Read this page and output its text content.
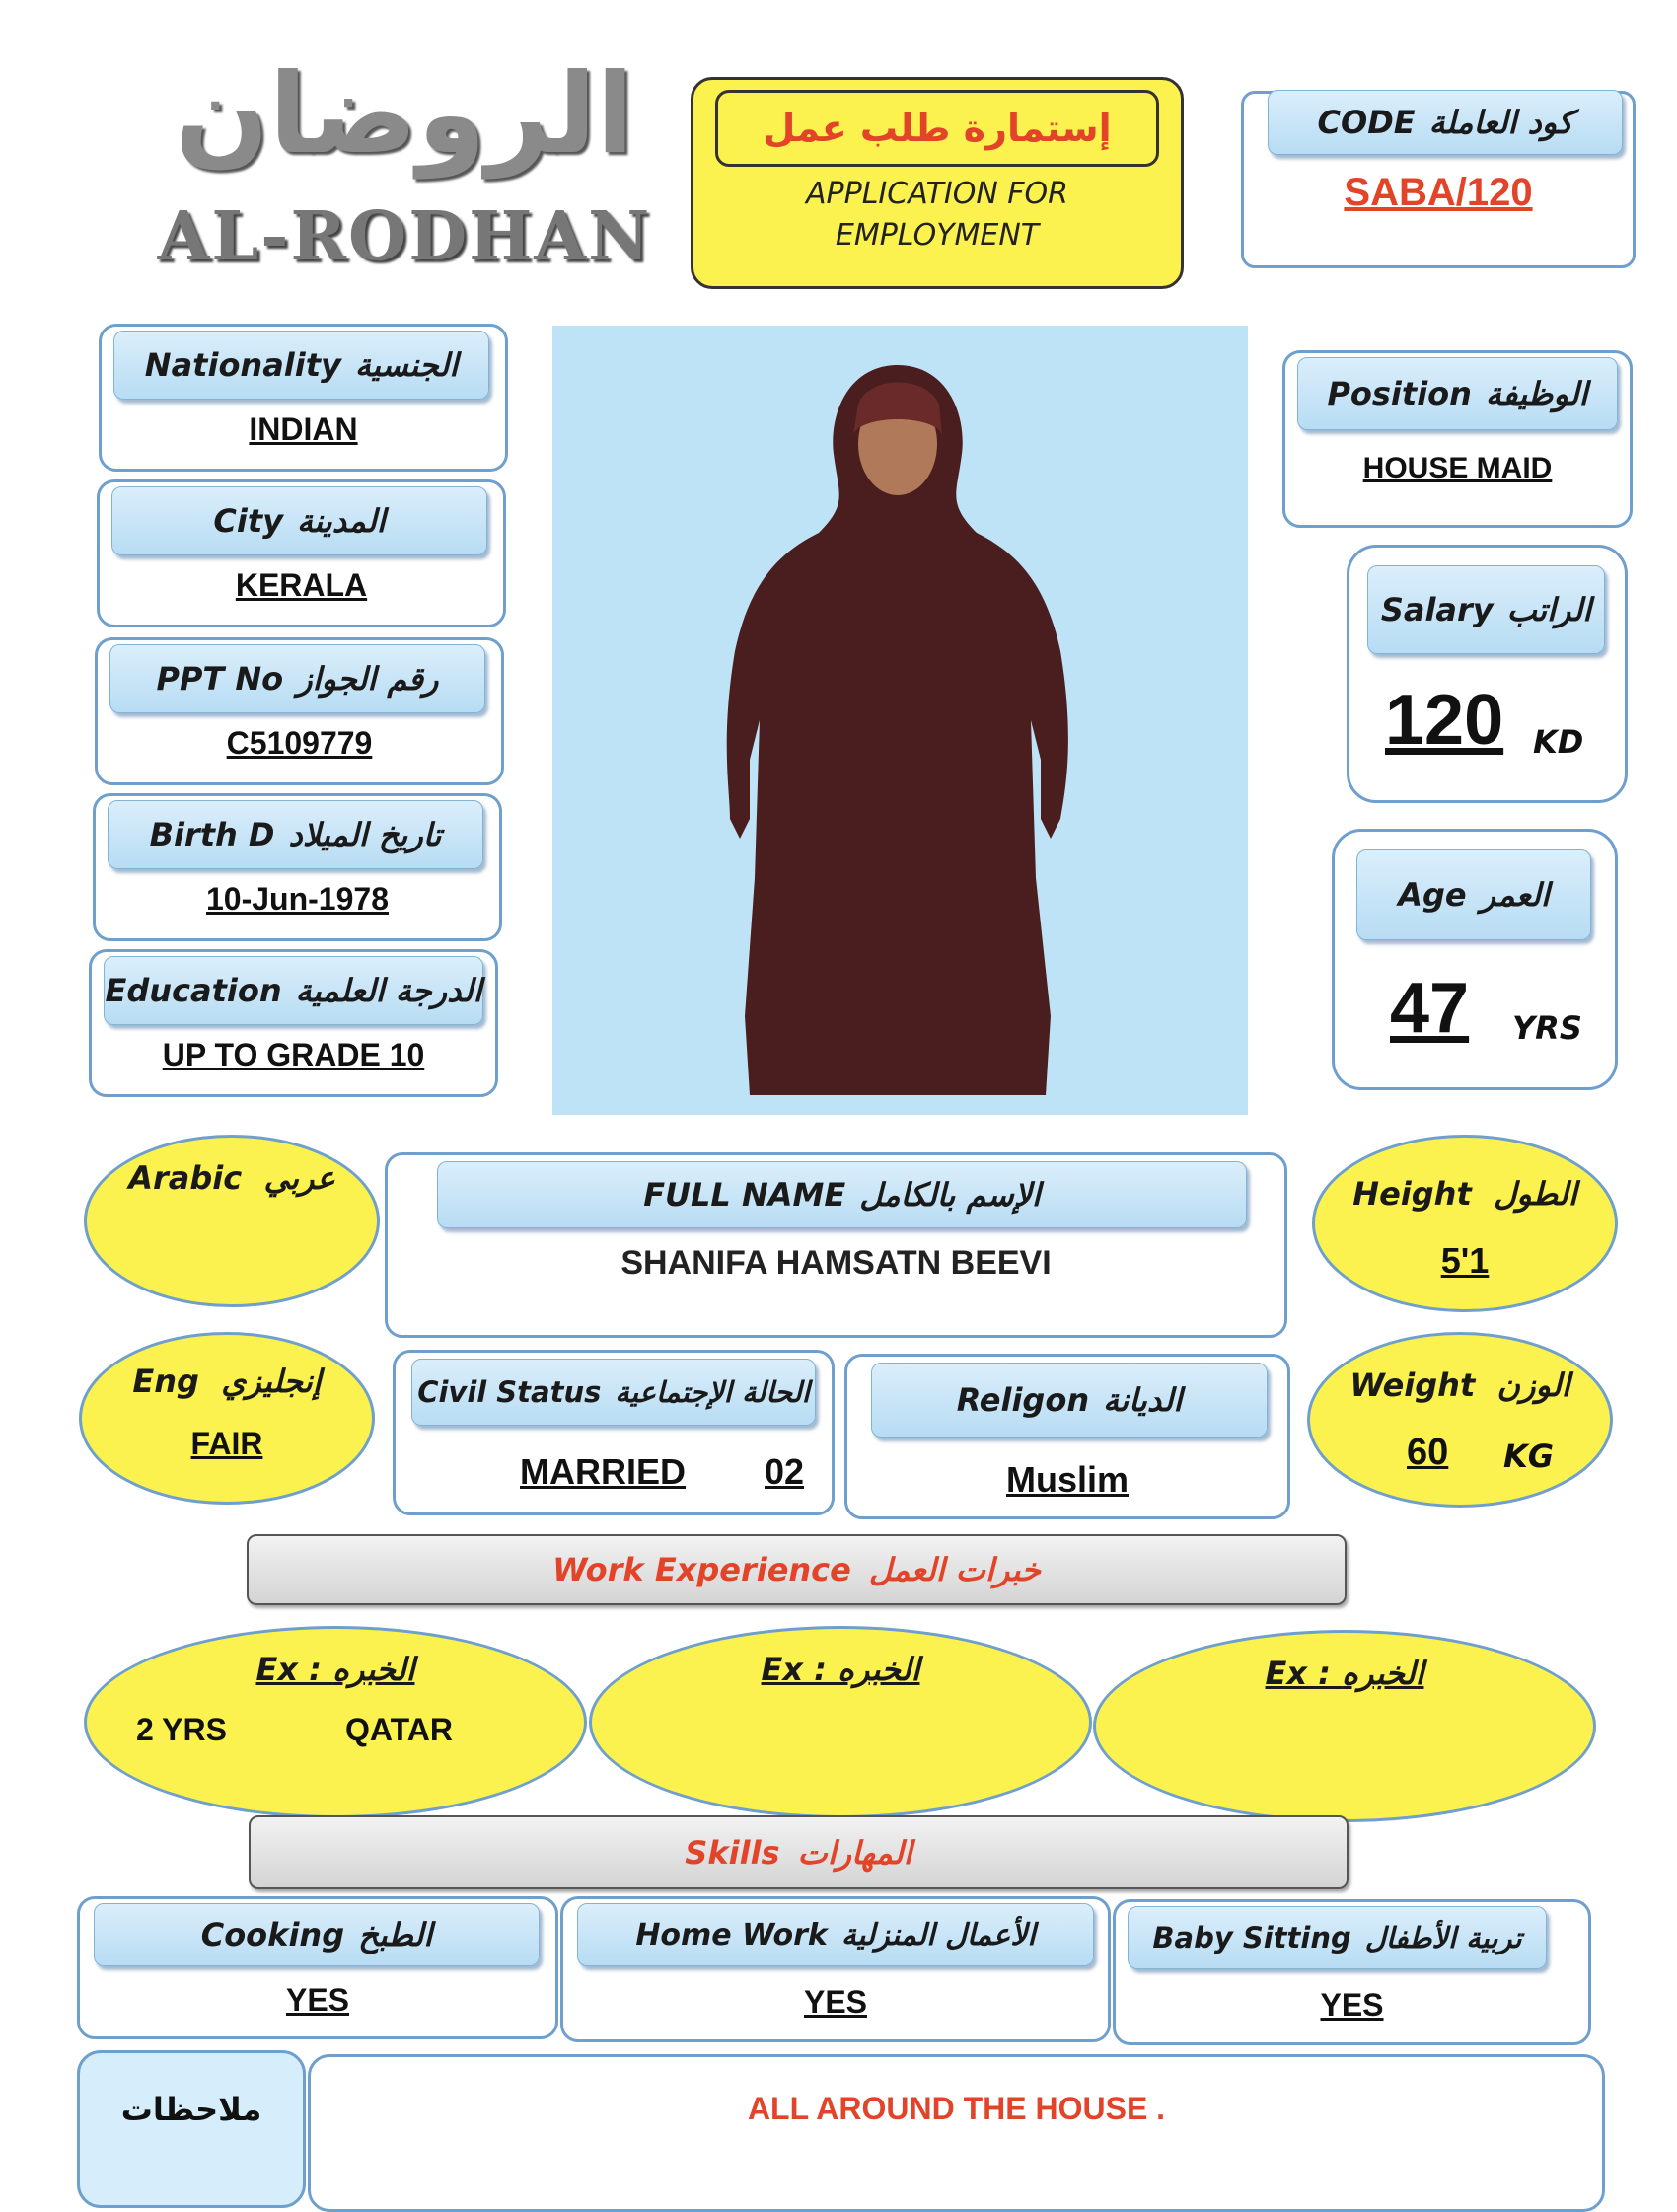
الروضان
AL-RODHAN
إستمارة طلب عمل
APPLICATION FOR
EMPLOYMENT
CODE كود العاملة
SABA/120
Nationality الجنسية
INDIAN
City المدينة
KERALA
PPT No رقم الجواز
C5109779
Birth D تاريخ الميلاد
10-Jun-1978
Education الدرجة العلمية
UP TO GRADE 10
Position الوظيفة
HOUSE MAID
Salary الراتب
120 KD
Age العمر
47 YRS
Arabic عربي	FULL NAME الإسم بالكامل
SHANIFA HAMSATN BEEVI
Height الطول
5'1
Eng إنجليزي
FAIR
Civil Status الحالة الإجتماعية
MARRIED 02
Religon الديانة
Muslim
Weight الوزن
60 KG
Work Experience خبرات العمل
Ex : الخبره
2 YRS	QATAR
Ex : الخبره	Ex : الخبره
Skills المهارات
Cooking الطبخ
YES
Home Work الأعمال المنزلية
YES
Baby Sitting تربية الأطفال
YES
ملاحظات	ALL AROUND THE HOUSE .
